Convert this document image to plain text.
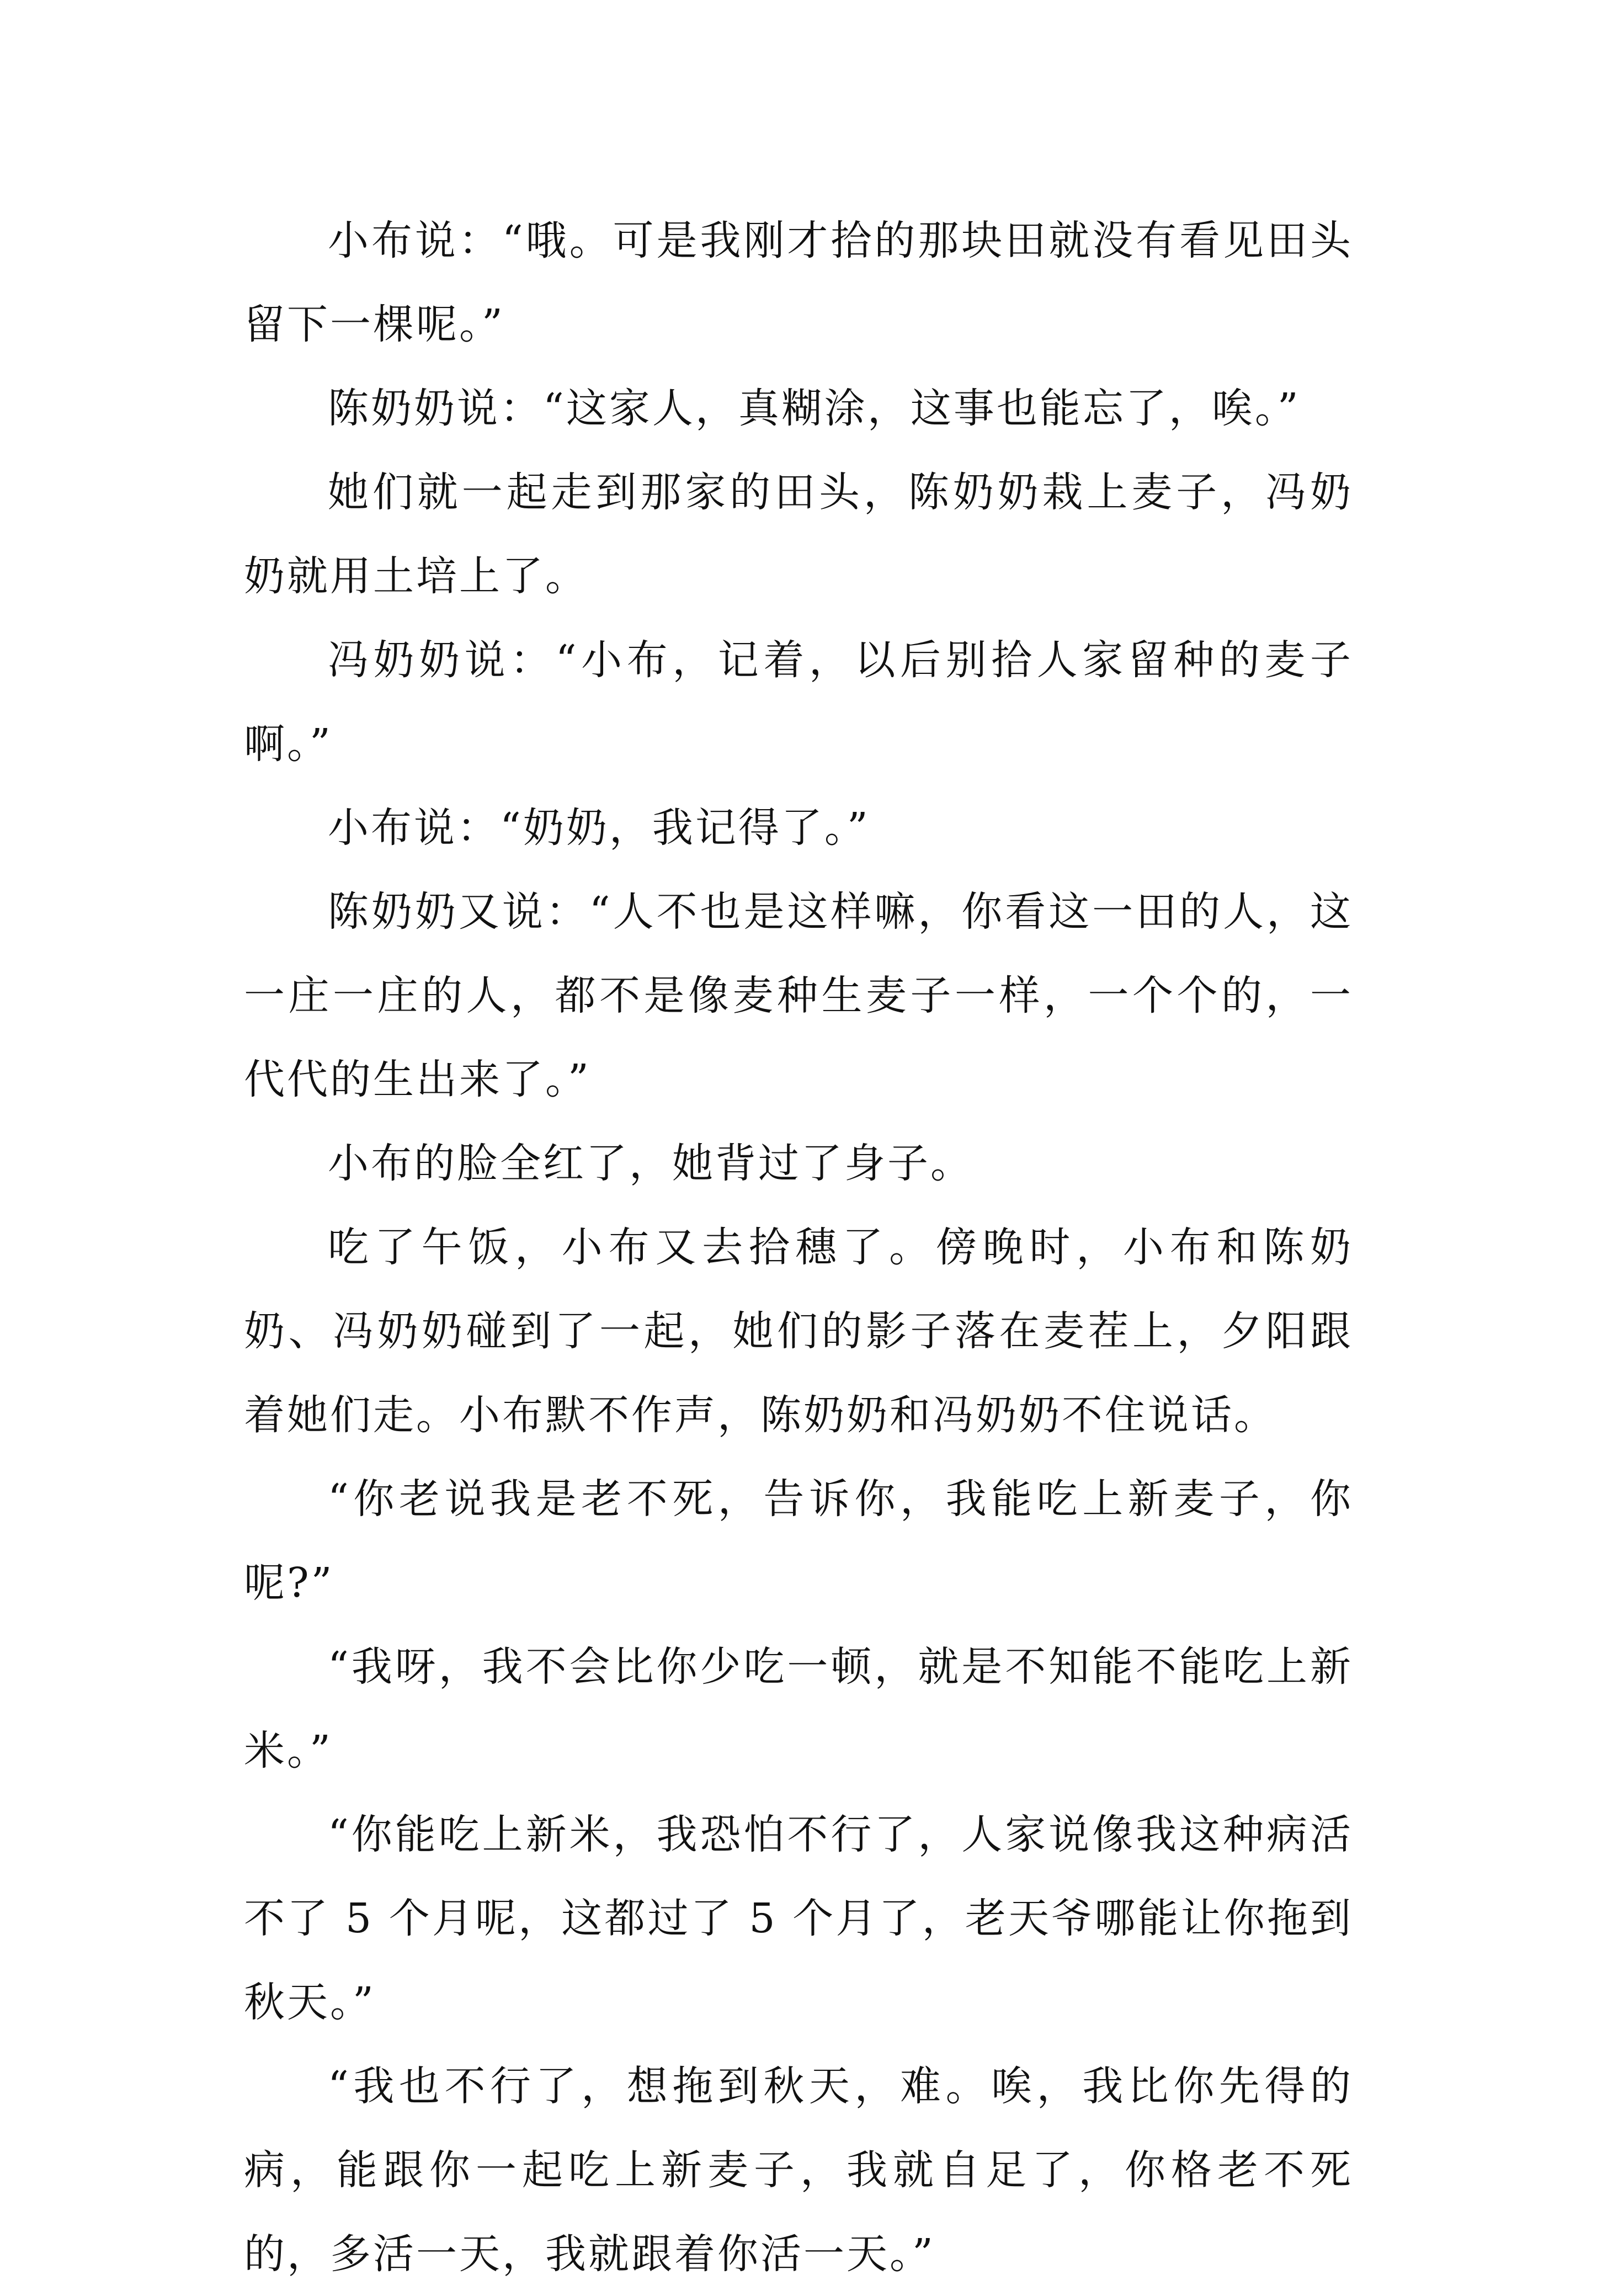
小布说：“哦。可是我刚才拾的那块田就没有看见田头留下一棵呢。”

陈奶奶说：“这家人，真糊涂，这事也能忘了，唉。”

她们就一起走到那家的田头，陈奶奶栽上麦子，冯奶奶就用土培上了。

冯奶奶说：“小布，记着，以后别拾人家留种的麦子啊。”

小布说：“奶奶，我记得了。”

陈奶奶又说：“人不也是这样嘛，你看这一田的人，这一庄一庄的人，都不是像麦种生麦子一样，一个个的，一代代的生出来了。”

小布的脸全红了，她背过了身子。

吃了午饭，小布又去拾穗了。傍晚时，小布和陈奶奶、冯奶奶碰到了一起，她们的影子落在麦茬上，夕阳跟着她们走。小布默不作声，陈奶奶和冯奶奶不住说话。

“你老说我是老不死，告诉你，我能吃上新麦子，你呢?”

“我呀，我不会比你少吃一顿，就是不知能不能吃上新米。”

“你能吃上新米，我恐怕不行了，人家说像我这种病活不了 5 个月呢，这都过了 5 个月了，老天爷哪能让你拖到秋天。”

“我也不行了，想拖到秋天，难。唉，我比你先得的病，能跟你一起吃上新麦子，我就自足了，你格老不死的，多活一天，我就跟着你活一天。”
